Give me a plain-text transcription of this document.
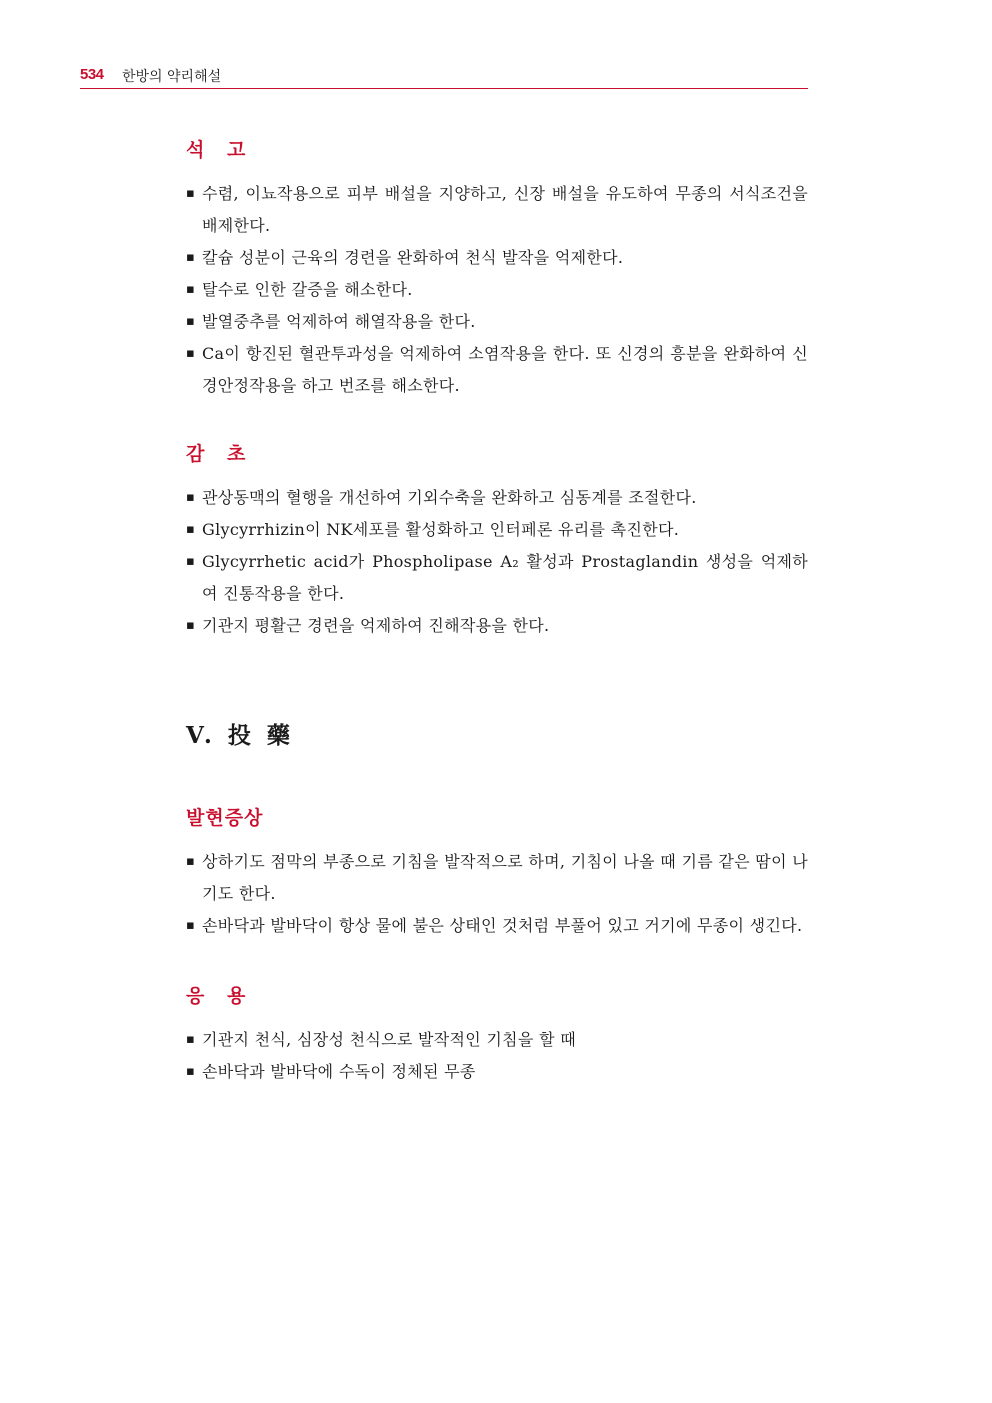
534 한방의 약리해설
석 고
▪ 수렴, 이뇨작용으로 피부 배설을 지양하고, 신장 배설을 유도하여 무종의 서식조건을 배제한다.
▪ 칼슘 성분이 근육의 경련을 완화하여 천식 발작을 억제한다.
▪ 탈수로 인한 갈증을 해소한다.
▪ 발열중추를 억제하여 해열작용을 한다.
▪ Ca이 항진된 혈관투과성을 억제하여 소염작용을 한다. 또 신경의 흥분을 완화하여 신경안정작용을 하고 번조를 해소한다.
감 초
▪ 관상동맥의 혈행을 개선하여 기외수축을 완화하고 심동계를 조절한다.
▪ Glycyrrhizin이 NK세포를 활성화하고 인터페론 유리를 촉진한다.
▪ Glycyrrhetic acid가 Phospholipase A₂ 활성과 Prostaglandin 생성을 억제하여 진통작용을 한다.
▪ 기관지 평활근 경련을 억제하여 진해작용을 한다.
V. 投 藥
발현증상
▪ 상하기도 점막의 부종으로 기침을 발작적으로 하며, 기침이 나올 때 기름 같은 땀이 나기도 한다.
▪ 손바닥과 발바닥이 항상 물에 불은 상태인 것처럼 부풀어 있고 거기에 무종이 생긴다.
응 용
▪ 기관지 천식, 심장성 천식으로 발작적인 기침을 할 때
▪ 손바닥과 발바닥에 수독이 정체된 무종
